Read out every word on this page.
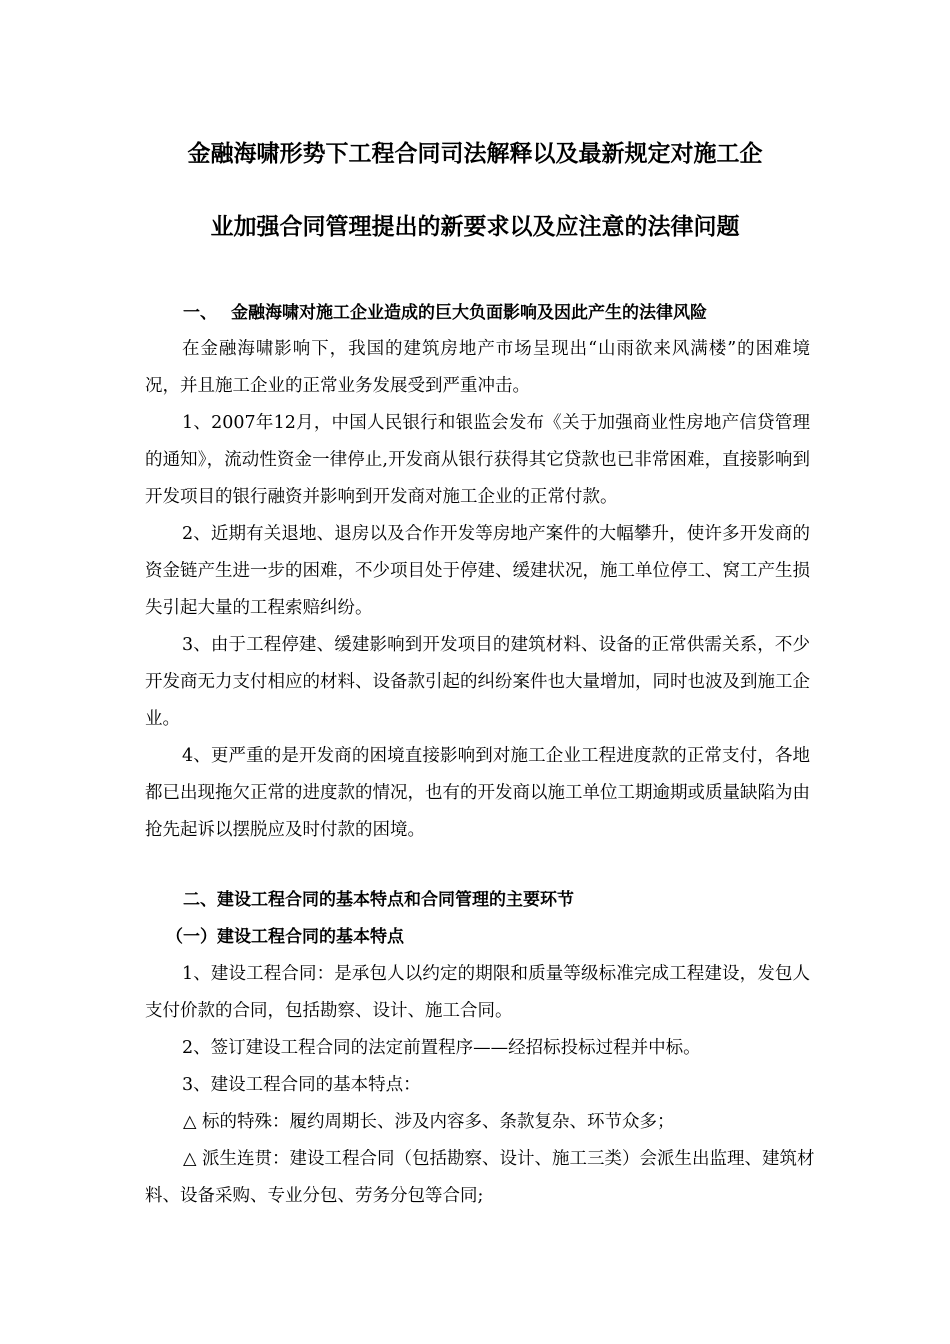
金融海啸形势下工程合同司法解释以及最新规定对施工企
业加强合同管理提出的新要求以及应注意的法律问题
一、 金融海啸对施工企业造成的巨大负面影响及因此产生的法律风险

在金融海啸影响下，我国的建筑房地产市场呈现出“山雨欲来风满楼”的困难境况，并且施工企业的正常业务发展受到严重冲击。

1、2007年12月，中国人民银行和银监会发布《关于加强商业性房地产信贷管理的通知》，流动性资金一律停止,开发商从银行获得其它贷款也已非常困难，直接影响到开发项目的银行融资并影响到开发商对施工企业的正常付款。

2、近期有关退地、退房以及合作开发等房地产案件的大幅攀升，使许多开发商的资金链产生进一步的困难，不少项目处于停建、缓建状况，施工单位停工、窝工产生损失引起大量的工程索赔纠纷。

3、由于工程停建、缓建影响到开发项目的建筑材料、设备的正常供需关系，不少开发商无力支付相应的材料、设备款引起的纠纷案件也大量增加，同时也波及到施工企业。

4、更严重的是开发商的困境直接影响到对施工企业工程进度款的正常支付，各地都已出现拖欠正常的进度款的情况，也有的开发商以施工单位工期逾期或质量缺陷为由抢先起诉以摆脱应及时付款的困境。

二、建设工程合同的基本特点和合同管理的主要环节
（一）建设工程合同的基本特点

1、建设工程合同：是承包人以约定的期限和质量等级标准完成工程建设，发包人支付价款的合同，包括勘察、设计、施工合同。

2、签订建设工程合同的法定前置程序——经招标投标过程并中标。

3、建设工程合同的基本特点：

△ 标的特殊：履约周期长、涉及内容多、条款复杂、环节众多；

△ 派生连贯：建设工程合同（包括勘察、设计、施工三类）会派生出监理、建筑材料、设备采购、专业分包、劳务分包等合同;
